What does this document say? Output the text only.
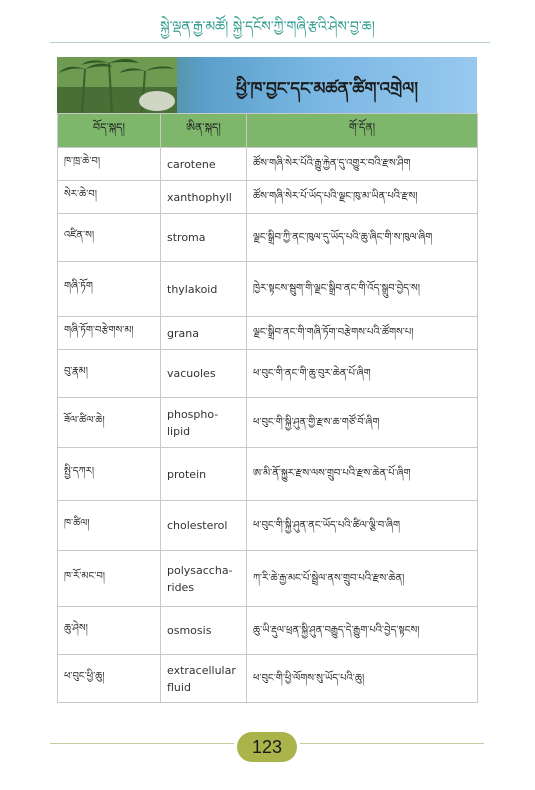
སྐྱེ་ལྡན་རྒྱ་མཚོ། སྐྱེ་དངོས་ཀྱི་གཞི་རྩའི་ཤེས་བྱ་ཆ།
ཕྱི་ཁ་བྱང་དང་མཚན་ཚིག་འགྲེལ།
བོད་སྐད།	ཨིན་སྐད།	གོ་དོན།
ཁ་ཁྲ་ཆེ་བ།	carotene	ཚོས་གཞི་སེར་པོའི་རྒྱུ་རྐྱེན་དུ་འགྱུར་བའི་རྫས་ཤིག
སེར་ཆེ་བ།	xanthophyll	ཚོས་གཞི་སེར་པོ་ཡོད་པའི་ལྗང་ཁུ་མ་ཡིན་པའི་རྫས།
འཛིན་ས།	stroma	ལྗང་སྒྲིབ་ཀྱི་ནང་ཁུལ་དུ་ཡོད་པའི་ཆུ་ཞིང་གི་ས་ཁུལ་ཞིག
གཞི་ཏོག	thylakoid	ཁྱེར་སྟངས་སྦུག་གི་ལྗང་སྒྲིབ་ནང་གི་འོད་སྒྲུབ་བྱེད་ས།
གཞི་ཏོག་བརྩེགས་མ།	grana	ལྗང་སྒྲིབ་ནང་གི་གཞི་ཏོག་བརྩེགས་པའི་ཚོགས་པ།
བུ་རྣམ།	vacuoles	ཕ་བུང་གི་ནང་གི་ཆུ་བུར་ཆེན་པོ་ཞིག
ཟོལ་ཚིལ་ཆེ།	phospho-lipid	ཕ་བུང་གི་སྐྱི་ཤུན་གྱི་རྫས་ཆ་གཙོ་བོ་ཞིག
སྤྱི་དཀར།	protein	ཨ་མི་ནོ་སྐྱུར་རྫས་ལས་གྲུབ་པའི་རྫས་ཆེན་པོ་ཞིག
ཁ་ཚིལ།	cholesterol	ཕ་བུང་གི་སྐྱི་ཤུན་ནང་ཡོད་པའི་ཚིལ་ལྕི་བ་ཞིག
ཁ་རོ་མང་བ།	polysaccha-rides	ཀ་རི་ཆེ་རྒྱ་མང་པོ་སྦྲེལ་ནས་གྲུབ་པའི་རྫས་ཆེན།
ཆུ་ཤེས།	osmosis	ཆུ་ཡི་རྡུལ་ཕྲན་སྐྱི་ཤུན་བརྒྱུད་དེ་རྒྱུག་པའི་བྱེད་སྟངས།
ཕ་བུང་ཕྱི་ཆུ།	extracellular fluid	ཕ་བུང་གི་ཕྱི་ལོགས་སུ་ཡོད་པའི་ཆུ།
123
